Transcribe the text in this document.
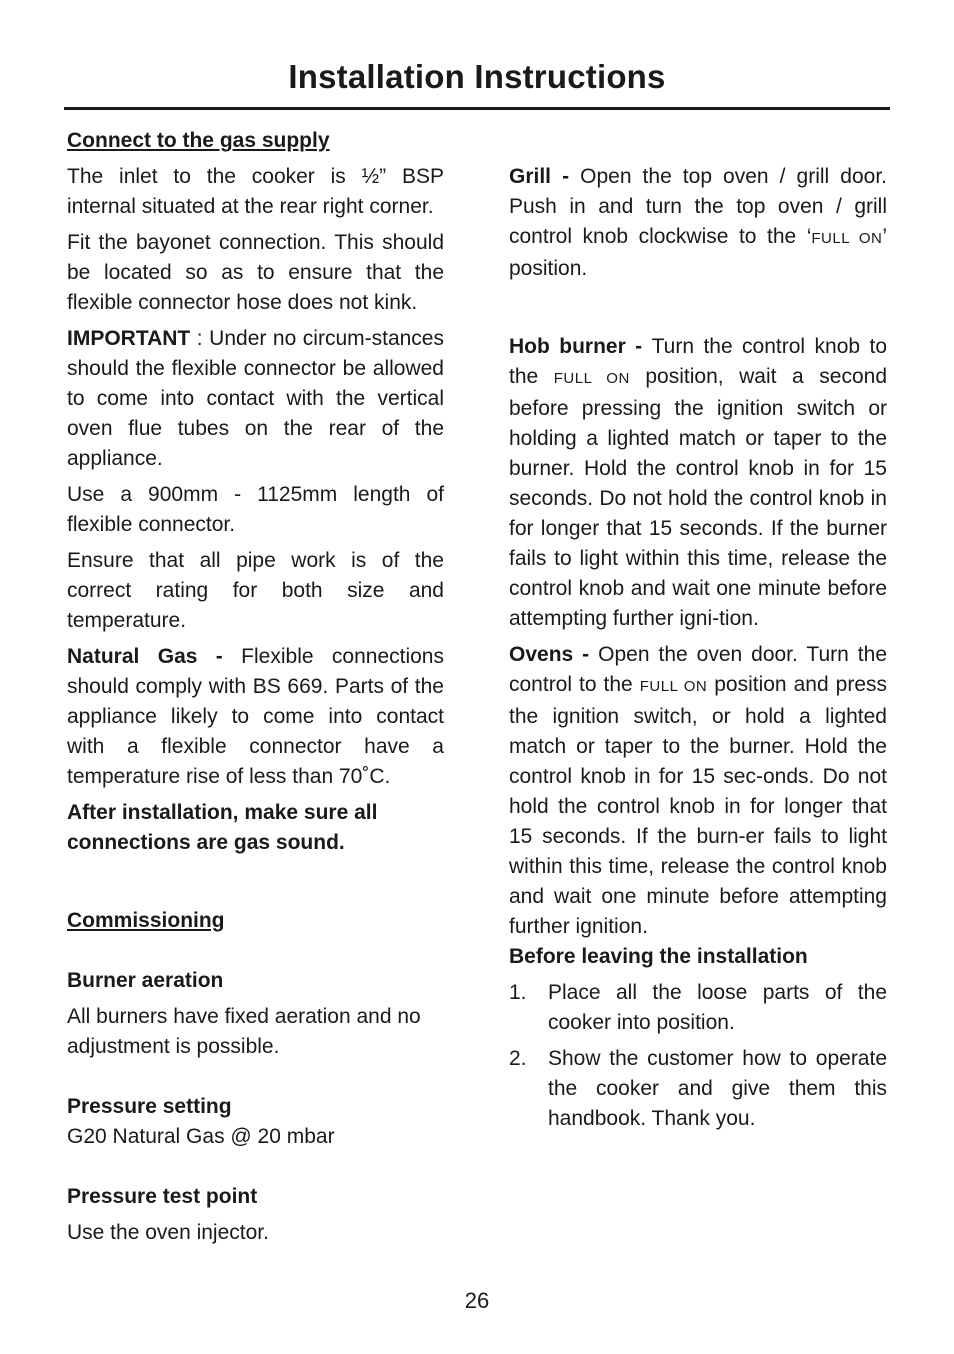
Installation Instructions
Connect to the gas supply

The inlet to the cooker is ½” BSP internal situated at the rear right corner.

Fit the bayonet connection. This should be located so as to ensure that the flexible connector hose does not kink.

IMPORTANT : Under no circum-stances should the flexible connector be allowed to come into contact with the vertical oven flue tubes on the rear of the appliance.

Use a 900mm - 1125mm length of flexible connector.

Ensure that all pipe work is of the correct rating for both size and temperature.

Natural Gas - Flexible connections should comply with BS 669. Parts of the appliance likely to come into contact with a flexible connector have a temperature rise of less than 70˚C.

After installation, make sure all connections are gas sound.

Commissioning
Burner aeration

All burners have fixed aeration and no adjustment is possible.

Pressure setting

G20 Natural Gas @ 20 mbar

Pressure test point

Use the oven injector.

Grill - Open the top oven / grill door. Push in and turn the top oven / grill control knob clockwise to the ‘FULL ON’ position.

Hob burner - Turn the control knob to the FULL ON position, wait a second before pressing the ignition switch or holding a lighted match or taper to the burner. Hold the control knob in for 15 seconds. Do not hold the control knob in for longer that 15 seconds. If the burner fails to light within this time, release the control knob and wait one minute before attempting further igni-tion.

Ovens - Open the oven door. Turn the control to the FULL ON position and press the ignition switch, or hold a lighted match or taper to the burner. Hold the control knob in for 15 sec-onds. Do not hold the control knob in for longer that 15 seconds. If the burn-er fails to light within this time, release the control knob and wait one minute before attempting further ignition.

Before leaving the installation
1.	Place all the loose parts of the cooker into position.
2.	Show the customer how to operate the cooker and give them this handbook. Thank you.
26
